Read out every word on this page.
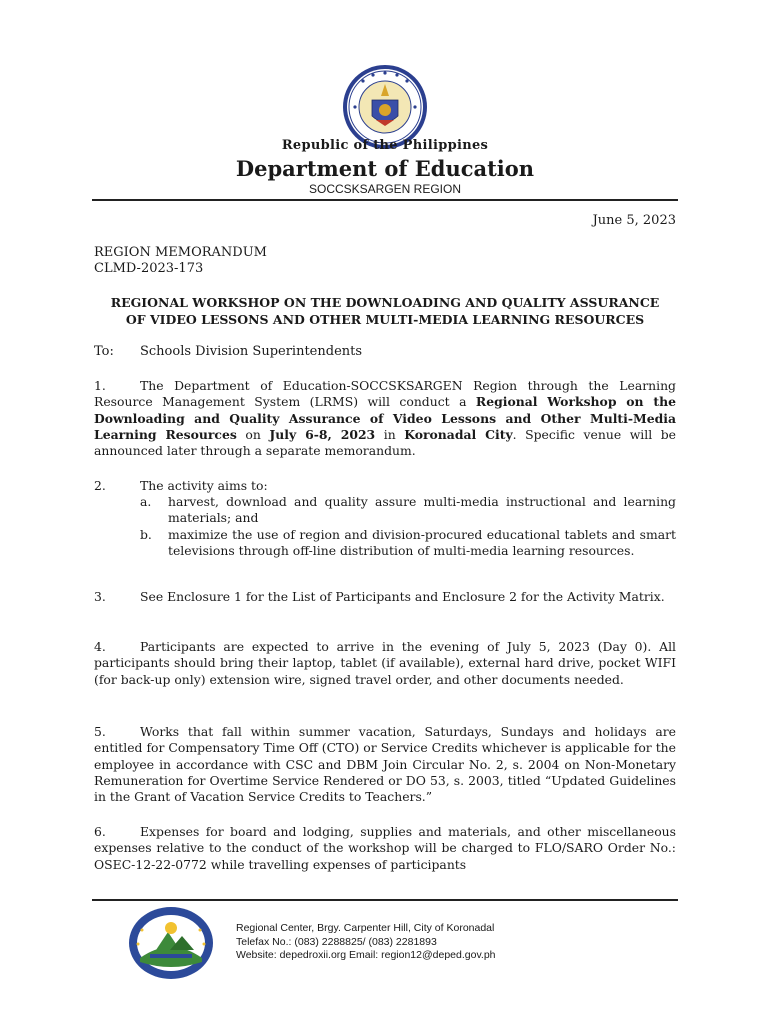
Republic of the Philippines
Department of Education
SOCCSKSARGEN REGION
June 5, 2023
REGION MEMORANDUM
CLMD-2023-173
REGIONAL WORKSHOP ON THE DOWNLOADING AND QUALITY ASSURANCE
OF VIDEO LESSONS AND OTHER MULTI-MEDIA LEARNING RESOURCES
To: Schools Division Superintendents
1.	The Department of Education-SOCCSKSARGEN Region through the Learning Resource Management System (LRMS) will conduct a Regional Workshop on the Downloading and Quality Assurance of Video Lessons and Other Multi-Media Learning Resources on July 6-8, 2023 in Koronadal City. Specific venue will be announced later through a separate memorandum.
2.	The activity aims to:
a.	harvest, download and quality assure multi-media instructional and learning materials; and
b.	maximize the use of region and division-procured educational tablets and smart televisions through off-line distribution of multi-media learning resources.
3.	See Enclosure 1 for the List of Participants and Enclosure 2 for the Activity Matrix.
4.	Participants are expected to arrive in the evening of July 5, 2023 (Day 0). All participants should bring their laptop, tablet (if available), external hard drive, pocket WIFI (for back-up only) extension wire, signed travel order, and other documents needed.
5.	Works that fall within summer vacation, Saturdays, Sundays and holidays are entitled for Compensatory Time Off (CTO) or Service Credits whichever is applicable for the employee in accordance with CSC and DBM Join Circular No. 2, s. 2004 on Non-Monetary Remuneration for Overtime Service Rendered or DO 53, s. 2003, titled “Updated Guidelines in the Grant of Vacation Service Credits to Teachers.”
6.	Expenses for board and lodging, supplies and materials, and other miscellaneous expenses relative to the conduct of the workshop will be charged to FLO/SARO Order No.: OSEC-12-22-0772 while travelling expenses of participants
Regional Center, Brgy. Carpenter Hill, City of Koronadal
Telefax No.: (083) 2288825/ (083) 2281893
Website: depedroxii.org Email: region12@deped.gov.ph
